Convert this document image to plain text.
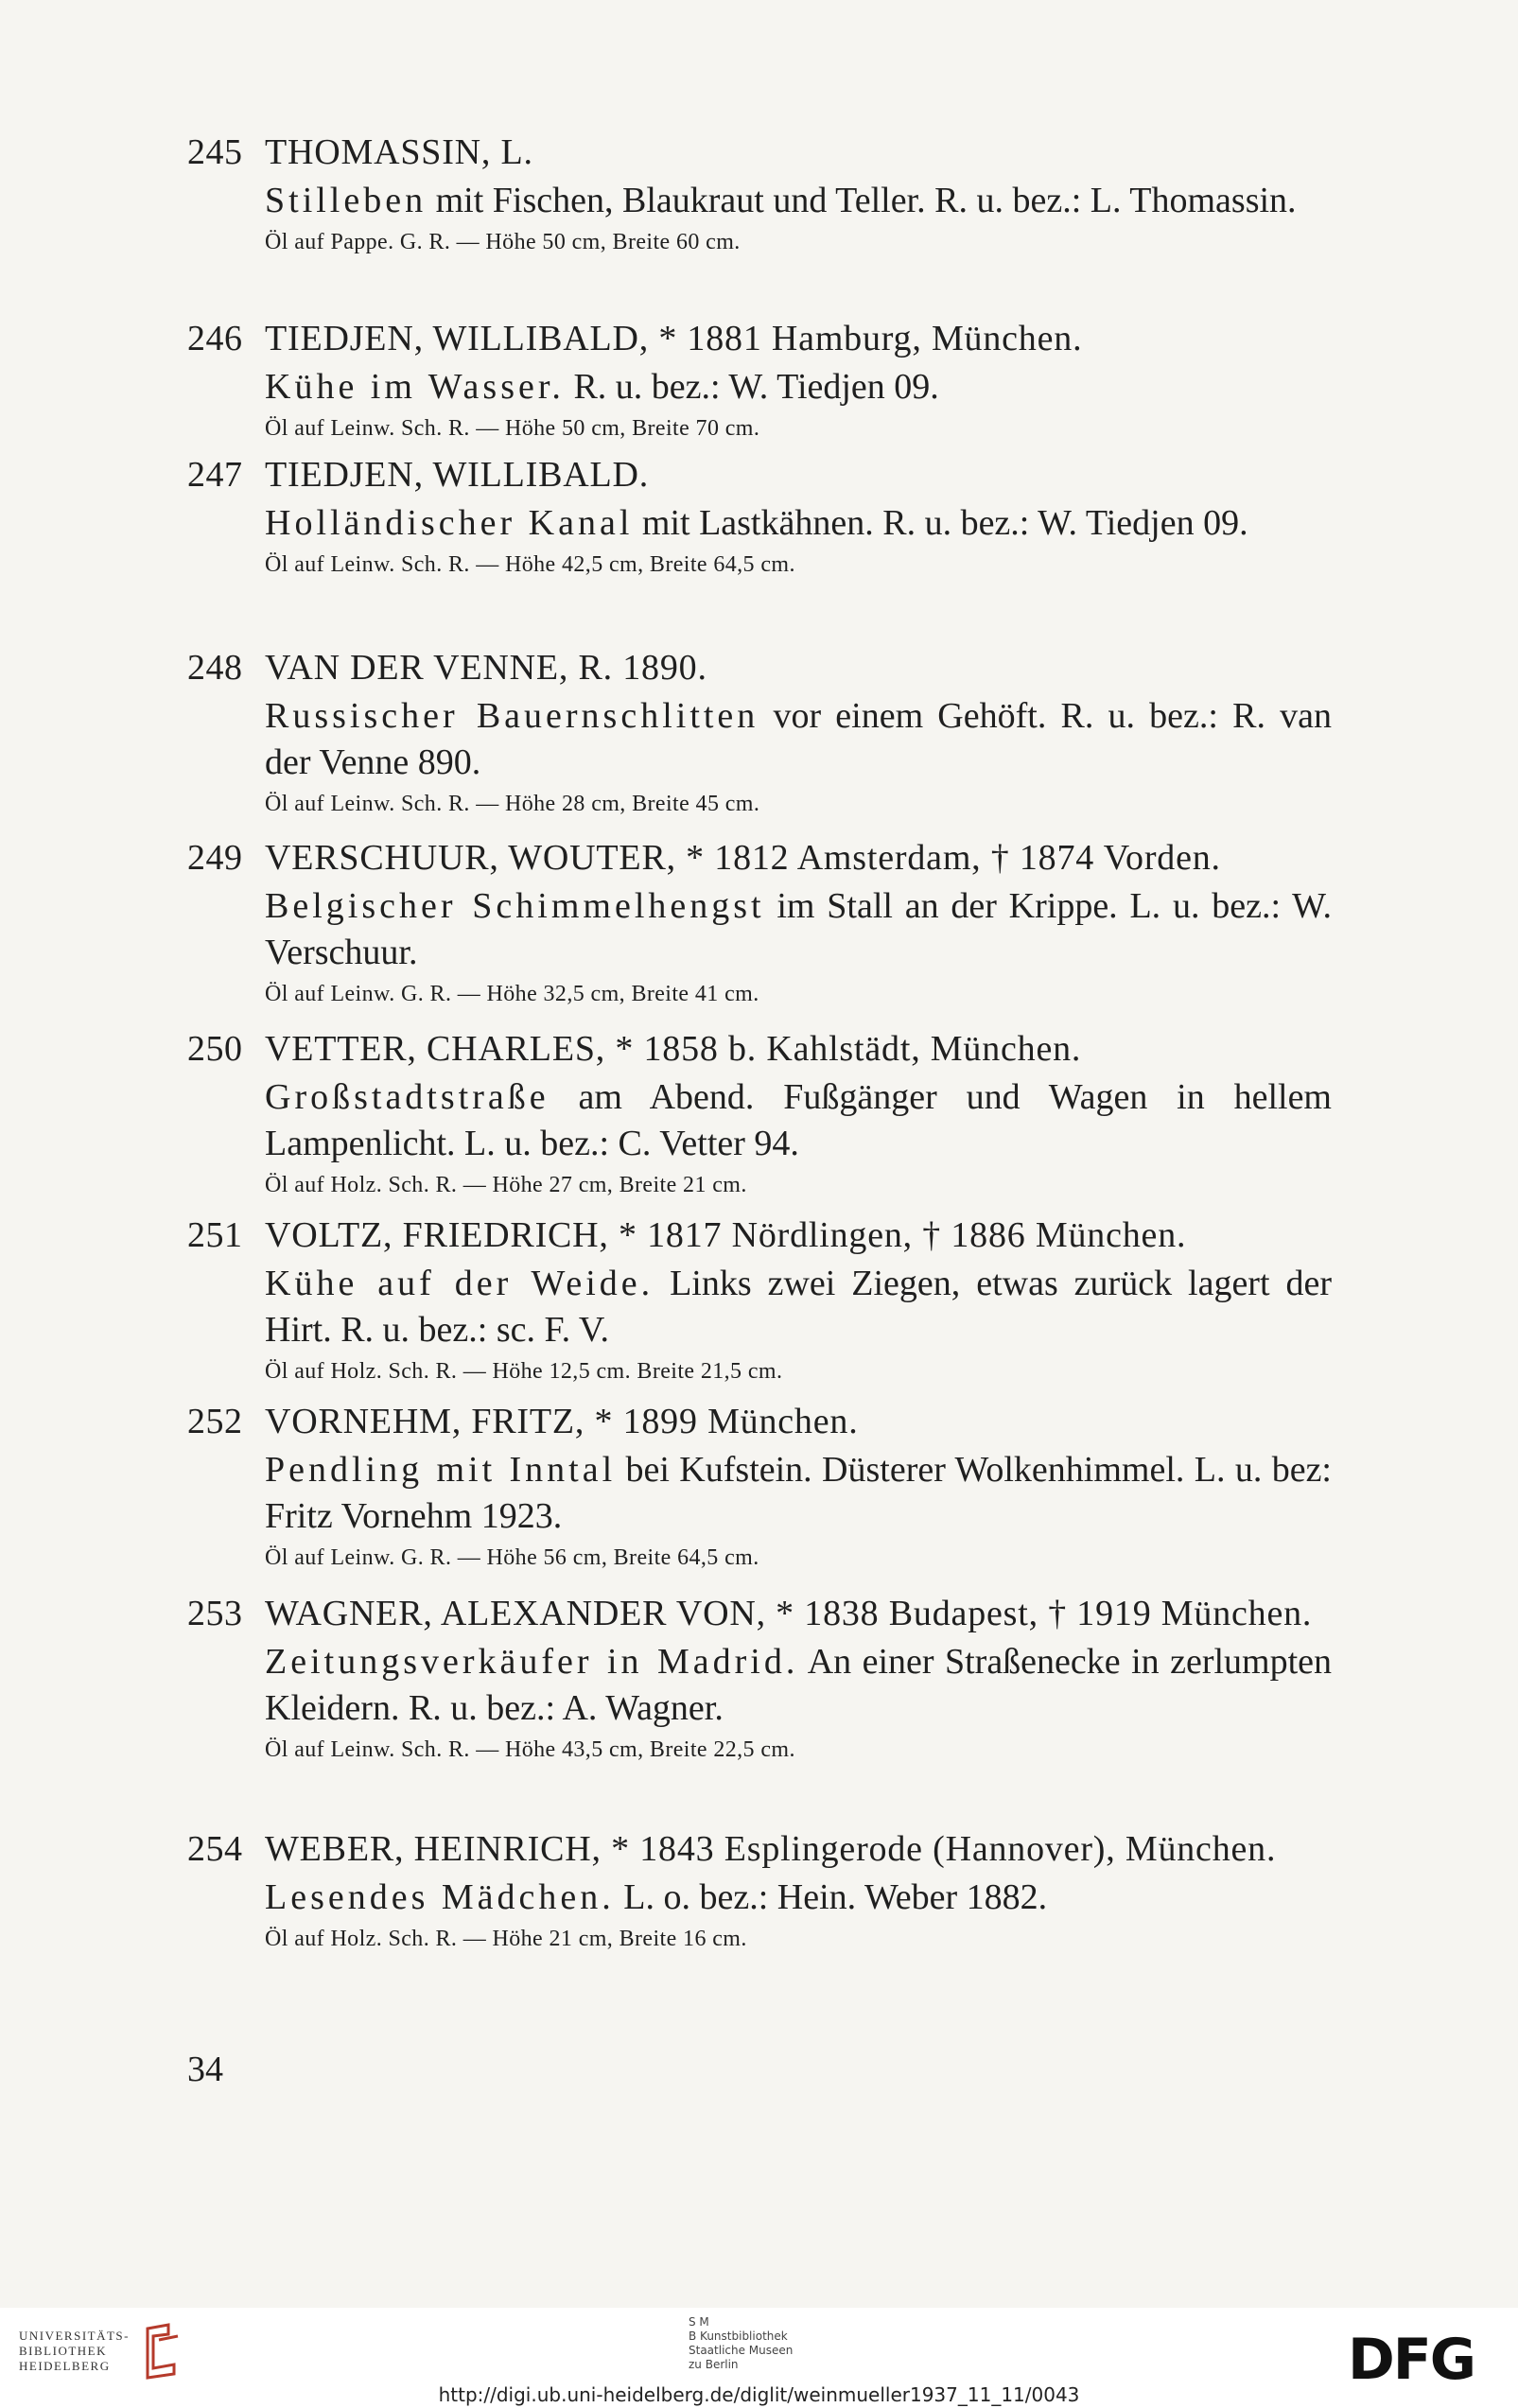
245 THOMASSIN, L.
Stilleben mit Fischen, Blaukraut und Teller. R. u. bez.: L. Thomassin.
Öl auf Pappe. G. R. — Höhe 50 cm, Breite 60 cm.
246 TIEDJEN, WILLIBALD, * 1881 Hamburg, München.
Kühe im Wasser. R. u. bez.: W. Tiedjen 09.
Öl auf Leinw. Sch. R. — Höhe 50 cm, Breite 70 cm.
247 TIEDJEN, WILLIBALD.
Holländischer Kanal mit Lastkähnen. R. u. bez.: W. Tiedjen 09.
Öl auf Leinw. Sch. R. — Höhe 42,5 cm, Breite 64,5 cm.
248 VAN DER VENNE, R. 1890.
Russischer Bauernschlitten vor einem Gehöft. R. u. bez.: R. van der Venne 890.
Öl auf Leinw. Sch. R. — Höhe 28 cm, Breite 45 cm.
249 VERSCHUUR, WOUTER, * 1812 Amsterdam, † 1874 Vorden.
Belgischer Schimmelhengst im Stall an der Krippe. L. u. bez.: W. Verschuur.
Öl auf Leinw. G. R. — Höhe 32,5 cm, Breite 41 cm.
250 VETTER, CHARLES, * 1858 b. Kahlstädt, München.
Großstadtstraße am Abend. Fußgänger und Wagen in hellem Lampenlicht. L. u. bez.: C. Vetter 94.
Öl auf Holz. Sch. R. — Höhe 27 cm, Breite 21 cm.
251 VOLTZ, FRIEDRICH, * 1817 Nördlingen, † 1886 München.
Kühe auf der Weide. Links zwei Ziegen, etwas zurück lagert der Hirt. R. u. bez.: sc. F. V.
Öl auf Holz. Sch. R. — Höhe 12,5 cm. Breite 21,5 cm.
252 VORNEHM, FRITZ, * 1899 München.
Pendling mit Inntal bei Kufstein. Düsterer Wolkenhimmel. L. u. bez: Fritz Vornehm 1923.
Öl auf Leinw. G. R. — Höhe 56 cm, Breite 64,5 cm.
253 WAGNER, ALEXANDER VON, * 1838 Budapest, † 1919 München.
Zeitungsverkäufer in Madrid. An einer Straßenecke in zerlumpten Kleidern. R. u. bez.: A. Wagner.
Öl auf Leinw. Sch. R. — Höhe 43,5 cm, Breite 22,5 cm.
254 WEBER, HEINRICH, * 1843 Esplingerode (Hannover), München.
Lesendes Mädchen. L. o. bez.: Hein. Weber 1882.
Öl auf Holz. Sch. R. — Höhe 21 cm, Breite 16 cm.
34
UNIVERSITÄTS-
BIBLIOTHEK
HEIDELBERG
S M
B Kunstbibliothek
Staatliche Museen
zu Berlin	DFG
http://digi.ub.uni-heidelberg.de/diglit/weinmueller1937_11_11/0043
